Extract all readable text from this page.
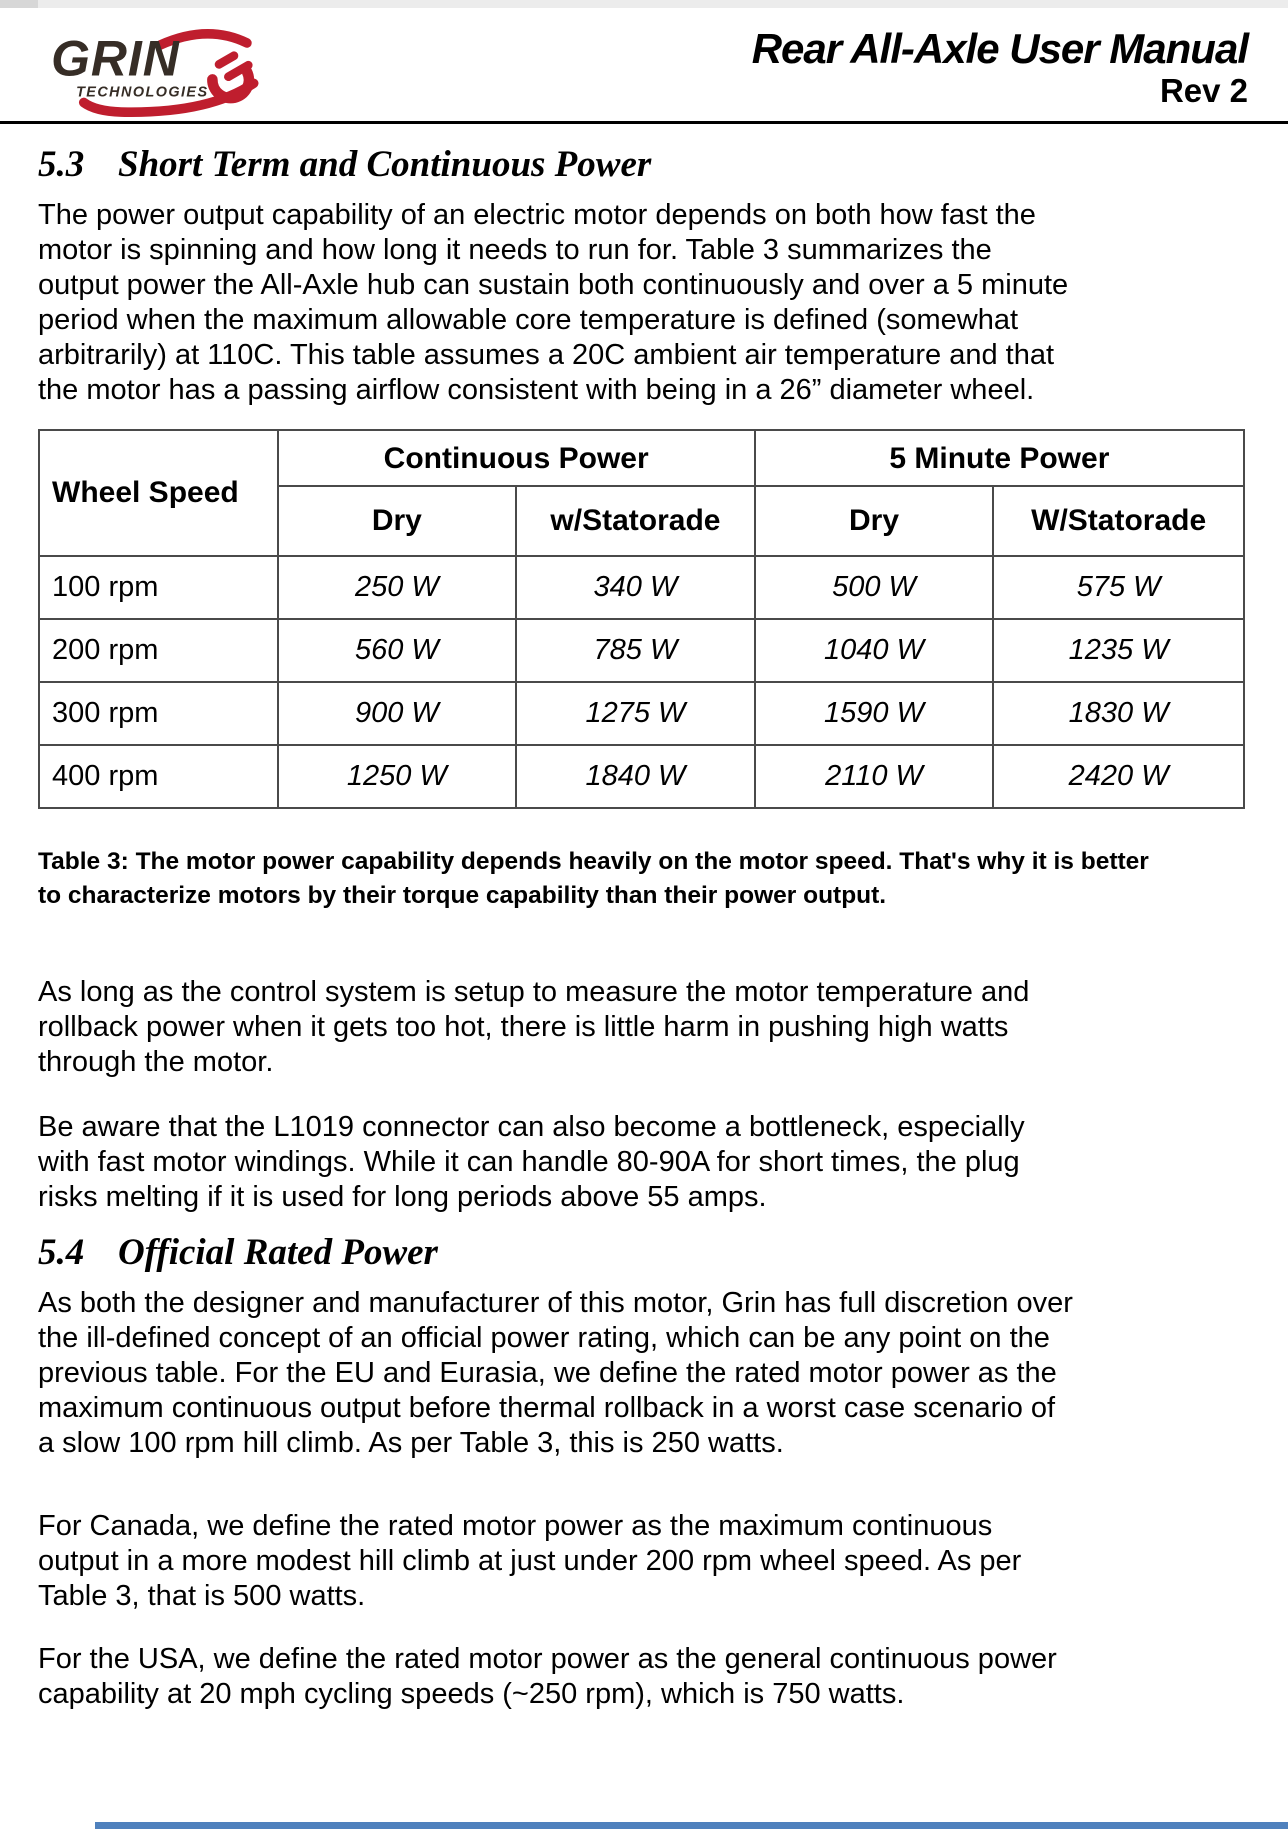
GRIN
TECHNOLOGIES
Rear All-Axle User Manual
Rev 2
5.3 Short Term and Continuous Power

The power output capability of an electric motor depends on both how fast the motor is spinning and how long it needs to run for. Table 3 summarizes the output power the All-Axle hub can sustain both continuously and over a 5 minute period when the maximum allowable core temperature is defined (somewhat arbitrarily) at 110C. This table assumes a 20C ambient air temperature and that the motor has a passing airflow consistent with being in a 26” diameter wheel.

Wheel Speed	Continuous Power		5 Minute Power	
	Dry	w/Statorade	Dry	W/Statorade
100 rpm	250 W	340 W	500 W	575 W
200 rpm	560 W	785 W	1040 W	1235 W
300 rpm	900 W	1275 W	1590 W	1830 W
400 rpm	1250 W	1840 W	2110 W	2420 W
Table 3: The motor power capability depends heavily on the motor speed. That's why it is better to characterize motors by their torque capability than their power output.

As long as the control system is setup to measure the motor temperature and rollback power when it gets too hot, there is little harm in pushing high watts through the motor.

Be aware that the L1019 connector can also become a bottleneck, especially with fast motor windings. While it can handle 80-90A for short times, the plug risks melting if it is used for long periods above 55 amps.

5.4 Official Rated Power

As both the designer and manufacturer of this motor, Grin has full discretion over the ill-defined concept of an official power rating, which can be any point on the previous table. For the EU and Eurasia, we define the rated motor power as the maximum continuous output before thermal rollback in a worst case scenario of a slow 100 rpm hill climb. As per Table 3, this is 250 watts.

For Canada, we define the rated motor power as the maximum continuous output in a more modest hill climb at just under 200 rpm wheel speed. As per Table 3, that is 500 watts.

For the USA, we define the rated motor power as the general continuous power capability at 20 mph cycling speeds (~250 rpm), which is 750 watts.
